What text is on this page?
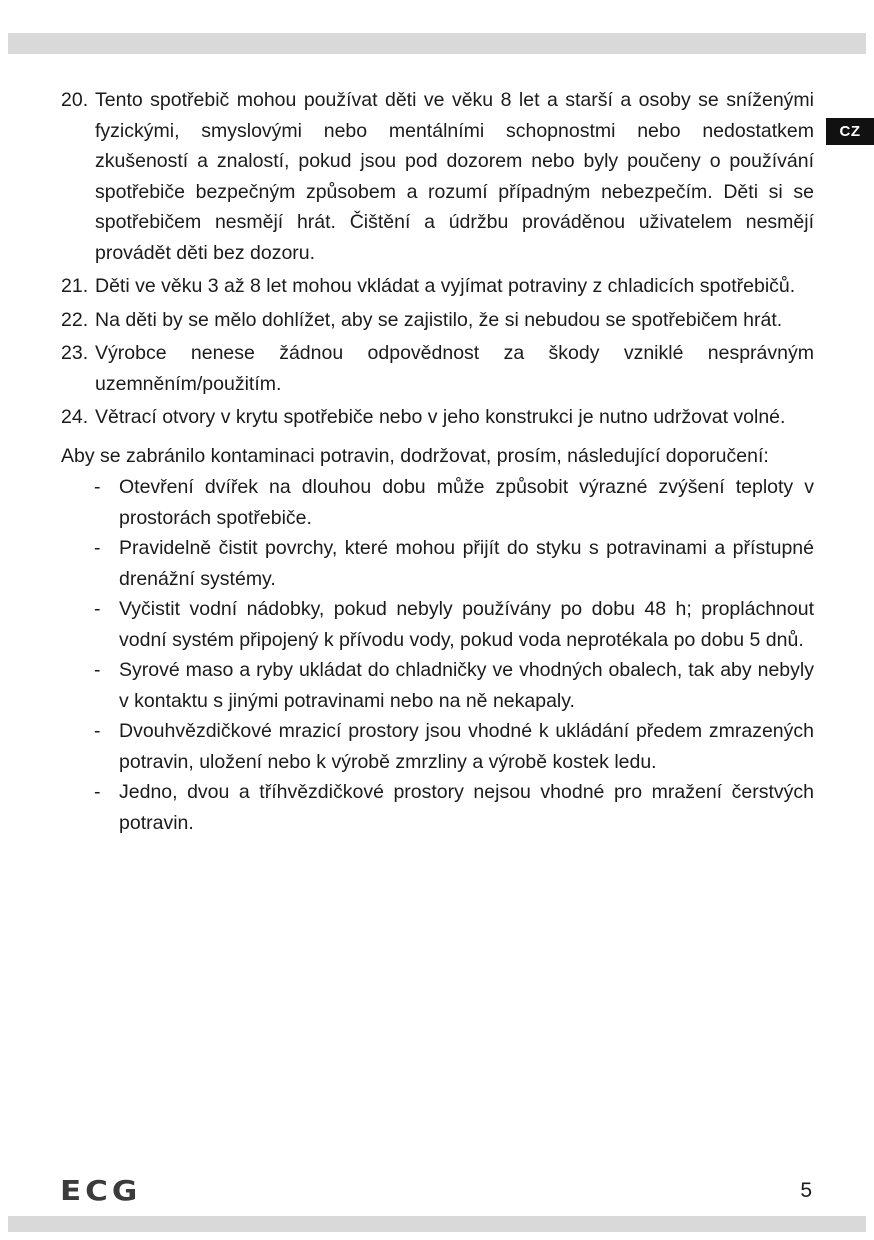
CZ
20. Tento spotřebič mohou používat děti ve věku 8 let a starší a osoby se sníženými fyzickými, smyslovými nebo mentálními schopnostmi nebo nedostatkem zkušeností a znalostí, pokud jsou pod dozorem nebo byly poučeny o používání spotřebiče bezpečným způsobem a rozumí případným nebezpečím. Děti si se spotřebičem nesmějí hrát. Čištění a údržbu prováděnou uživatelem nesmějí provádět děti bez dozoru.
21. Děti ve věku 3 až 8 let mohou vkládat a vyjímat potraviny z chladicích spotřebičů.
22. Na děti by se mělo dohlížet, aby se zajistilo, že si nebudou se spotřebičem hrát.
23. Výrobce nenese žádnou odpovědnost za škody vzniklé nesprávným uzemněním/použitím.
24. Větrací otvory v krytu spotřebiče nebo v jeho konstrukci je nutno udržovat volné.

Aby se zabránilo kontaminaci potravin, dodržovat, prosím, následující doporučení:

- Otevření dvířek na dlouhou dobu může způsobit výrazné zvýšení teploty v prostorách spotřebiče.
- Pravidelně čistit povrchy, které mohou přijít do styku s potravinami a přístupné drenážní systémy.
- Vyčistit vodní nádobky, pokud nebyly používány po dobu 48 h; propláchnout vodní systém připojený k přívodu vody, pokud voda neprotékala po dobu 5 dnů.
- Syrové maso a ryby ukládat do chladničky ve vhodných obalech, tak aby nebyly v kontaktu s jinými potravinami nebo na ně nekapaly.
- Dvouhvězdičkové mrazicí prostory jsou vhodné k ukládání předem zmrazených potravin, uložení nebo k výrobě zmrzliny a výrobě kostek ledu.
- Jedno, dvou a tříhvězdičkové prostory nejsou vhodné pro mražení čerstvých potravin.
ECG	5
